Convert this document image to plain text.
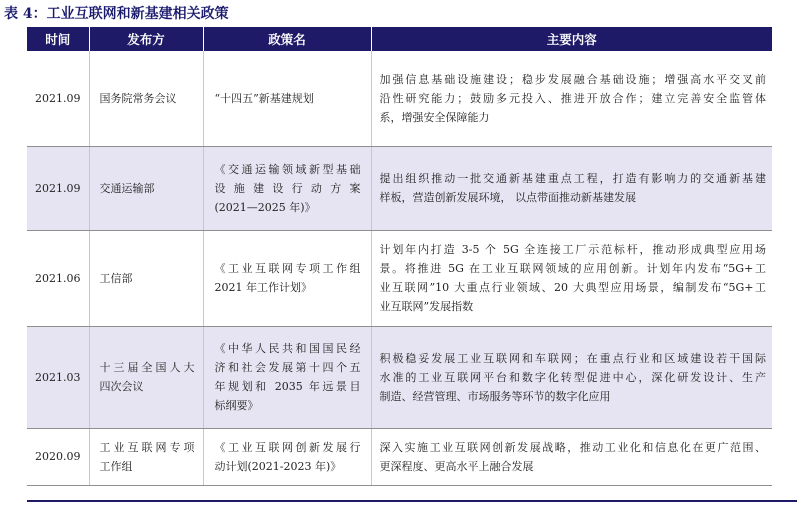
表 4：工业互联网和新基建相关政策
时间	发布方	政策名	主要内容
2021.09	国务院常务会议	“十四五”新基建规划	加强信息基础设施建设；稳步发展融合基础设施；增强高水平交叉前
沿性研究能力；鼓励多元投入、推进开放合作；建立完善安全监管体
系，增强安全保障能力

2021.09	交通运输部	《交通运输领域新型基础
设 施 建 设 行 动 方 案
(2021—2025 年)》	提出组织推动一批交通新基建重点工程，打造有影响力的交通新基建
样板，营造创新发展环境， 以点带面推动新基建发展

2021.06	工信部	《工业互联网专项工作组
2021 年工作计划》	计划年内打造 3-5 个 5G 全连接工厂示范标杆，推动形成典型应用场
景。将推进 5G 在工业互联网领域的应用创新。计划年内发布“5G+工
业互联网”10 大重点行业领域、20 大典型应用场景，编制发布“5G+工
业互联网”发展指数

2021.03	十三届全国人大
四次会议	《中华人民共和国国民经
济和社会发展第十四个五
年规划和 2035 年远景目
标纲要》	积极稳妥发展工业互联网和车联网；在重点行业和区域建设若干国际
水准的工业互联网平台和数字化转型促进中心，深化研发设计、生产
制造、经营管理、市场服务等环节的数字化应用

2020.09	工业互联网专项
工作组	《工业互联网创新发展行
动计划(2021-2023 年)》	深入实施工业互联网创新发展战略，推动工业化和信息化在更广范围、
更深程度、更高水平上融合发展
